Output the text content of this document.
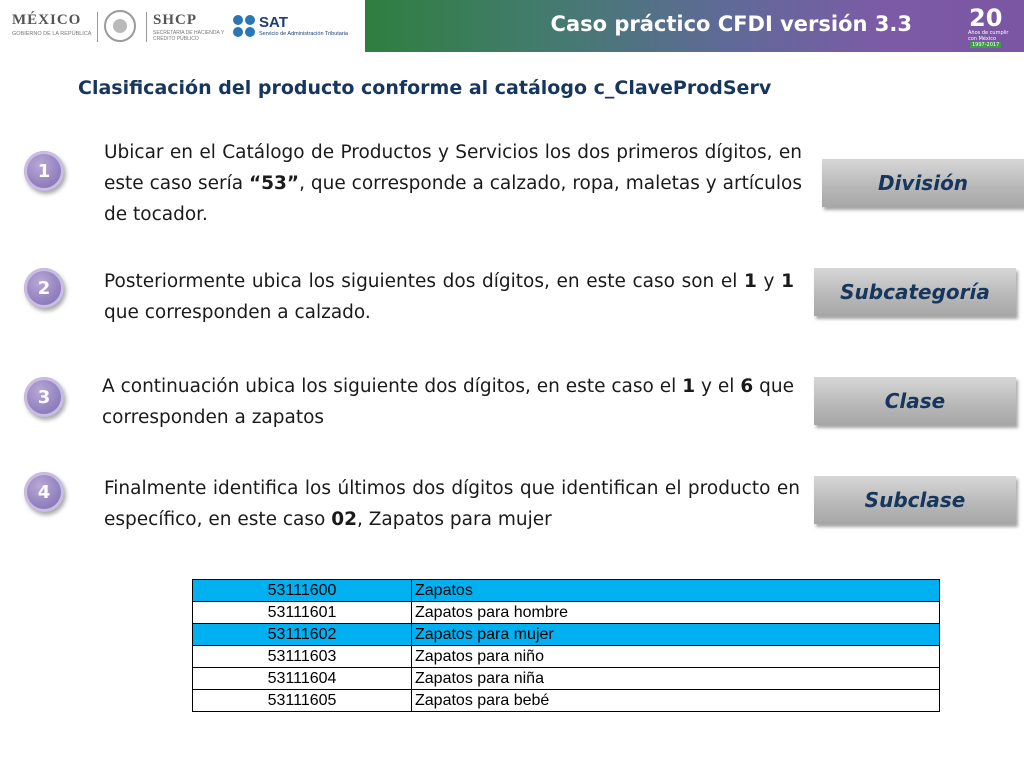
MÉXICO
GOBIERNO DE LA REPÚBLICA
SHCP
SECRETARÍA DE HACIENDA Y CRÉDITO PÚBLICO
SAT
Servicio de Administración Tributaria	Caso práctico CFDI versión 3.3 20
Años de cumplir con México
1997-2017
Clasificación del producto conforme al catálogo c_ClaveProdServ
1
Ubicar en el Catálogo de Productos y Servicios los dos primeros dígitos, en este caso sería “53”, que corresponde a calzado, ropa, maletas y artículos de tocador.
División
2	Posteriormente ubica los siguientes dos dígitos, en este caso son el 1 y 1 que corresponden a calzado.
Subcategoría
3	A continuación ubica los siguiente dos dígitos, en este caso el 1 y el 6 que corresponden a zapatos
Clase
4	Finalmente identifica los últimos dos dígitos que identifican el producto en específico, en este caso 02, Zapatos para mujer
Subclase
53111600	Zapatos
53111601	Zapatos para hombre
53111602	Zapatos para mujer
53111603	Zapatos para niño
53111604	Zapatos para niña
53111605	Zapatos para bebé
